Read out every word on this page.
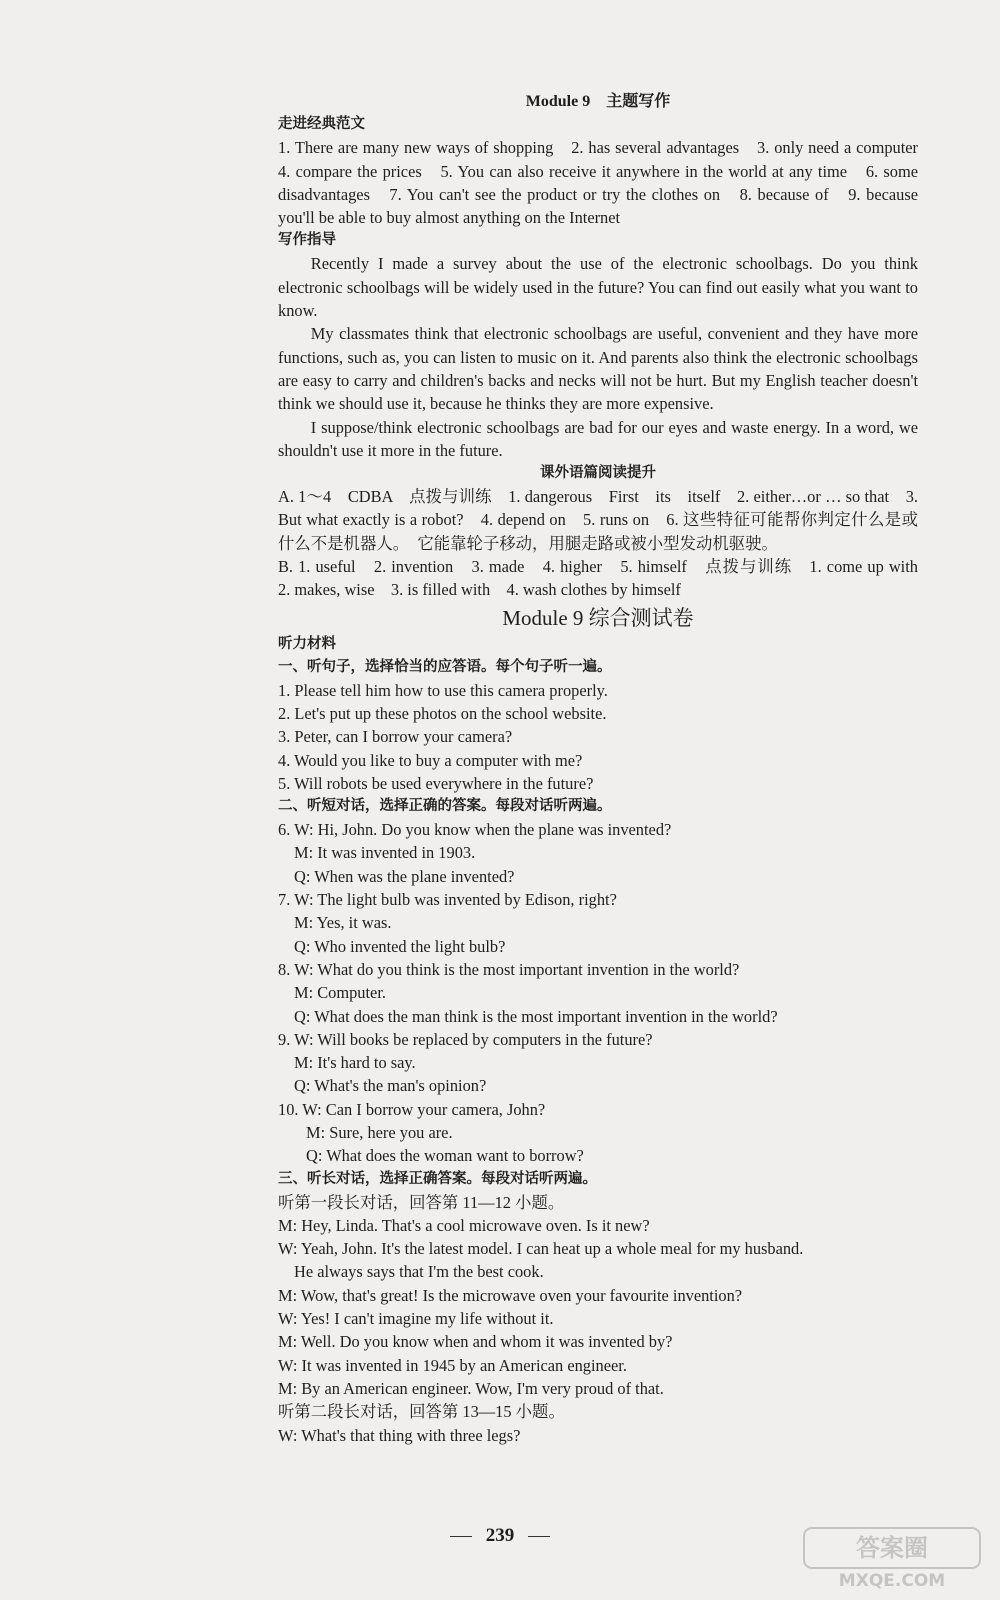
Module 9　主题写作
走进经典范文

1. There are many new ways of shopping　2. has several advantages　3. only need a computer　4. compare the prices　5. You can also receive it anywhere in the world at any time　6. some disadvantages　7. You can't see the product or try the clothes on　8. because of　9. because you'll be able to buy almost anything on the Internet

写作指导

Recently I made a survey about the use of the electronic schoolbags. Do you think electronic schoolbags will be widely used in the future? You can find out easily what you want to know.

My classmates think that electronic schoolbags are useful, convenient and they have more functions, such as, you can listen to music on it. And parents also think the electronic schoolbags are easy to carry and children's backs and necks will not be hurt. But my English teacher doesn't think we should use it, because he thinks they are more expensive.

I suppose/think electronic schoolbags are bad for our eyes and waste energy. In a word, we shouldn't use it more in the future.

课外语篇阅读提升

A. 1～4　CDBA　点拨与训练　1. dangerous　First　its　itself　2. either…or … so that　3. But what exactly is a robot?　4. depend on　5. runs on　6. 这些特征可能帮你判定什么是或什么不是机器人。　它能靠轮子移动，用腿走路或被小型发动机驱驶。

B. 1. useful　2. invention　3. made　4. higher　5. himself　点拨与训练　1. come up with　2. makes, wise　3. is filled with　4. wash clothes by himself

Module 9 综合测试卷
听力材料
一、听句子，选择恰当的应答语。每个句子听一遍。

1. Please tell him how to use this camera properly.

2. Let's put up these photos on the school website.

3. Peter, can I borrow your camera?

4. Would you like to buy a computer with me?

5. Will robots be used everywhere in the future?

二、听短对话，选择正确的答案。每段对话听两遍。

6. W: Hi, John. Do you know when the plane was invented?

M: It was invented in 1903.

Q: When was the plane invented?

7. W: The light bulb was invented by Edison, right?

M: Yes, it was.

Q: Who invented the light bulb?

8. W: What do you think is the most important invention in the world?

M: Computer.

Q: What does the man think is the most important invention in the world?

9. W: Will books be replaced by computers in the future?

M: It's hard to say.

Q: What's the man's opinion?

10. W: Can I borrow your camera, John?

M: Sure, here you are.

Q: What does the woman want to borrow?

三、听长对话，选择正确答案。每段对话听两遍。

听第一段长对话，回答第 11—12 小题。

M: Hey, Linda. That's a cool microwave oven. Is it new?

W: Yeah, John. It's the latest model. I can heat up a whole meal for my husband.

He always says that I'm the best cook.

M: Wow, that's great! Is the microwave oven your favourite invention?

W: Yes! I can't imagine my life without it.

M: Well. Do you know when and whom it was invented by?

W: It was invented in 1945 by an American engineer.

M: By an American engineer. Wow, I'm very proud of that.

听第二段长对话，回答第 13—15 小题。

W: What's that thing with three legs?

239	答案圈
MXQE.COM
